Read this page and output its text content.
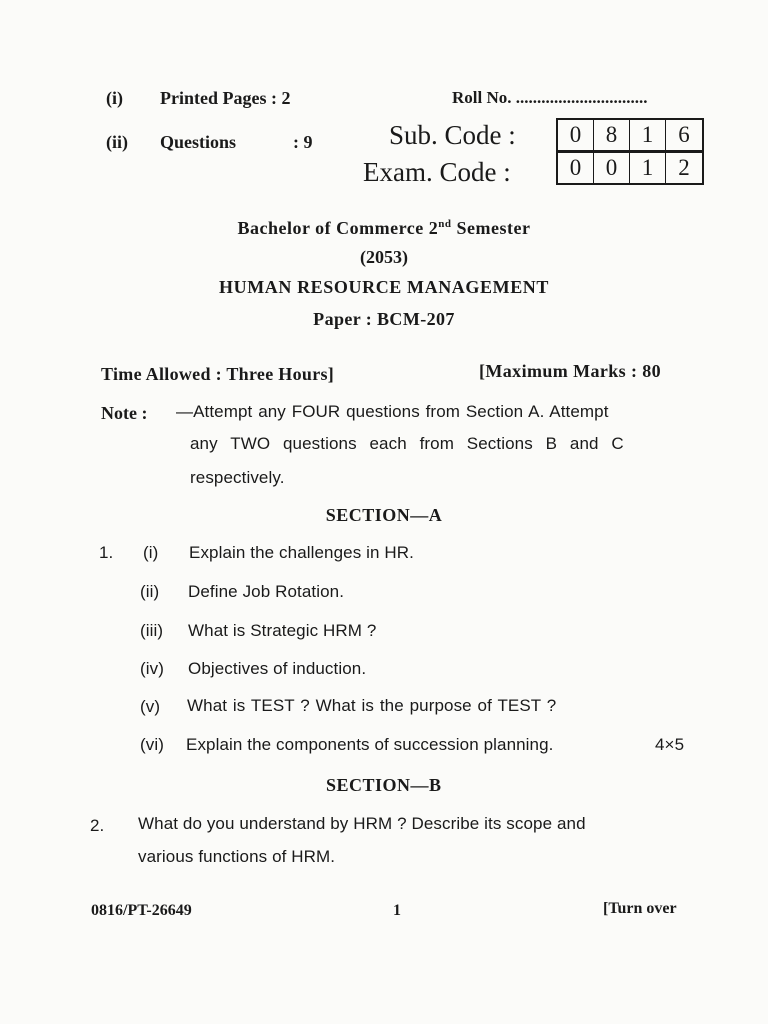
(i) Printed Pages : 2
(ii) Questions	: 9
Roll No. ...............................
Sub. Code :	0	8	1	6
Exam. Code :	0	0	1	2
Bachelor of Commerce 2nd Semester
(2053)
HUMAN RESOURCE MANAGEMENT
Paper : BCM-207
Time Allowed : Three Hours]	[Maximum Marks : 80
Note : —Attempt any FOUR questions from Section A. Attempt
any TWO questions each from Sections B and C
respectively.
SECTION—A
1. (i) Explain the challenges in HR.
(ii) Define Job Rotation.
(iii) What is Strategic HRM ?
(iv) Objectives of induction.
(v) What is TEST ? What is the purpose of TEST ?
(vi) Explain the components of succession planning.	4×5
SECTION—B
2. What do you understand by HRM ? Describe its scope and
various functions of HRM.
0816/PT-26649	1	[Turn over
